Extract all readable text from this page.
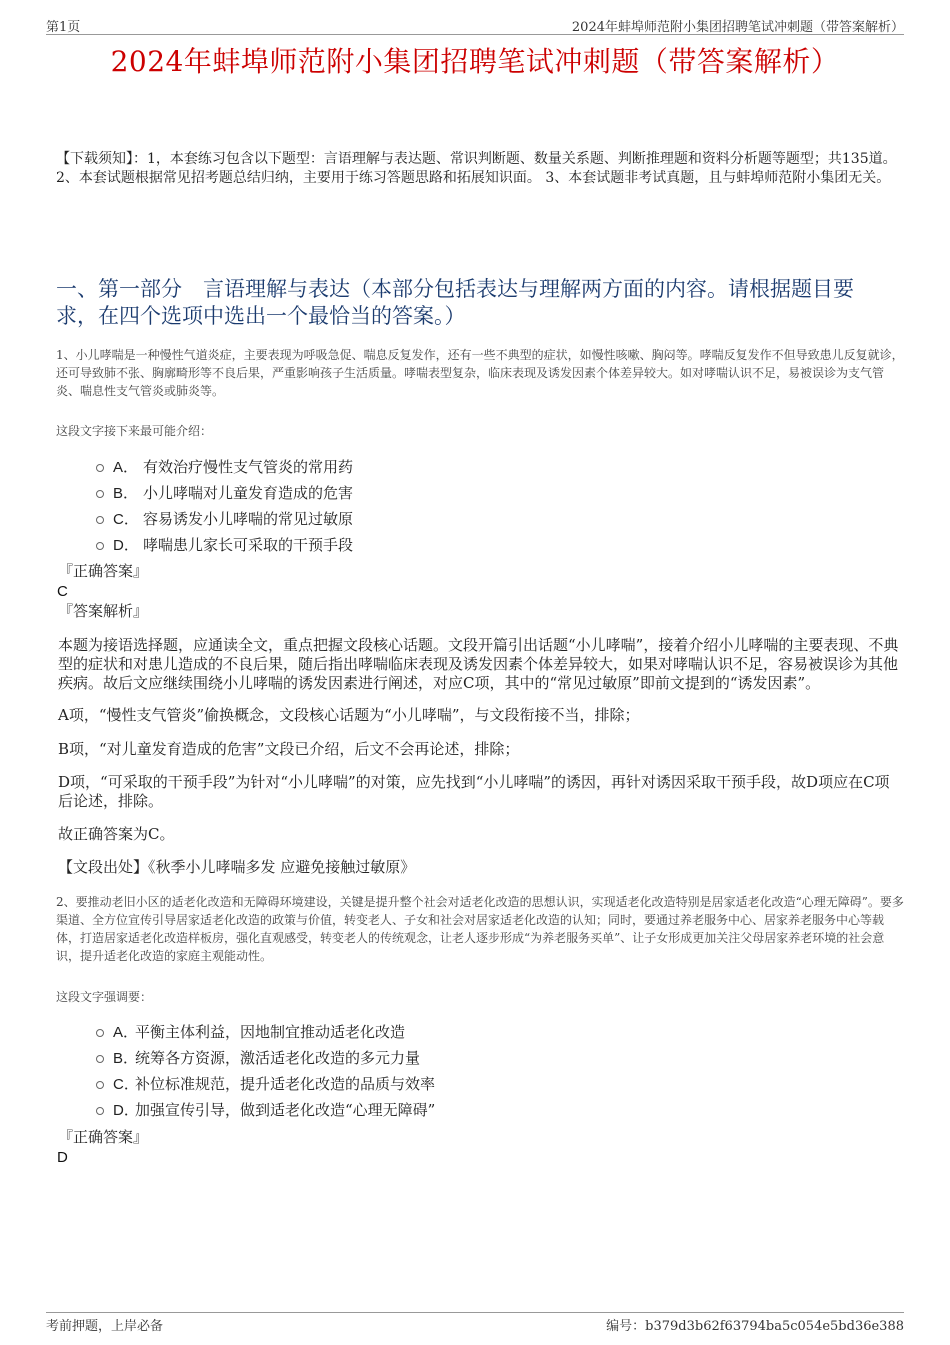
第1页	2024年蚌埠师范附小集团招聘笔试冲刺题（带答案解析）
2024年蚌埠师范附小集团招聘笔试冲刺题（带答案解析）
【下载须知】：1，本套练习包含以下题型：言语理解与表达题、常识判断题、数量关系题、判断推理题和资料分析题等题型；共135道。 2、本套试题根据常见招考题总结归纳，主要用于练习答题思路和拓展知识面。 3、本套试题非考试真题，且与蚌埠师范附小集团无关。
一、第一部分　言语理解与表达（本部分包括表达与理解两方面的内容。请根据题目要求，在四个选项中选出一个最恰当的答案。）
1、小儿哮喘是一种慢性气道炎症，主要表现为呼吸急促、喘息反复发作，还有一些不典型的症状，如慢性咳嗽、胸闷等。哮喘反复发作不但导致患儿反复就诊，还可导致肺不张、胸廓畸形等不良后果，严重影响孩子生活质量。哮喘表型复杂，临床表现及诱发因素个体差异较大。如对哮喘认识不足，易被误诊为支气管炎、喘息性支气管炎或肺炎等。
这段文字接下来最可能介绍：
A． 有效治疗慢性支气管炎的常用药
B． 小儿哮喘对儿童发育造成的危害
C． 容易诱发小儿哮喘的常见过敏原
D． 哮喘患儿家长可采取的干预手段
『正确答案』
C
『答案解析』
本题为接语选择题，应通读全文，重点把握文段核心话题。文段开篇引出话题“小儿哮喘”，接着介绍小儿哮喘的主要表现、不典型的症状和对患儿造成的不良后果，随后指出哮喘临床表现及诱发因素个体差异较大，如果对哮喘认识不足，容易被误诊为其他疾病。故后文应继续围绕小儿哮喘的诱发因素进行阐述，对应C项，其中的“常见过敏原”即前文提到的“诱发因素”。
A项，“慢性支气管炎”偷换概念，文段核心话题为“小儿哮喘”，与文段衔接不当，排除；
B项，“对儿童发育造成的危害”文段已介绍，后文不会再论述，排除；
D项，“可采取的干预手段”为针对“小儿哮喘”的对策，应先找到“小儿哮喘”的诱因，再针对诱因采取干预手段，故D项应在C项后论述，排除。
故正确答案为C。
【文段出处】《秋季小儿哮喘多发 应避免接触过敏原》
2、要推动老旧小区的适老化改造和无障碍环境建设，关键是提升整个社会对适老化改造的思想认识，实现适老化改造特别是居家适老化改造“心理无障碍”。要多渠道、全方位宣传引导居家适老化改造的政策与价值，转变老人、子女和社会对居家适老化改造的认知；同时，要通过养老服务中心、居家养老服务中心等载体，打造居家适老化改造样板房，强化直观感受，转变老人的传统观念，让老人逐步形成“为养老服务买单”、让子女形成更加关注父母居家养老环境的社会意识，提升适老化改造的家庭主观能动性。
这段文字强调要：
A．
平衡主体利益，因地制宜推动适老化改造
B．
统筹各方资源，激活适老化改造的多元力量
C．
补位标准规范，提升适老化改造的品质与效率
D．
加强宣传引导，做到适老化改造“心理无障碍”
『正确答案』
D
考前押题，上岸必备	编号：b379d3b62f63794ba5c054e5bd36e388
